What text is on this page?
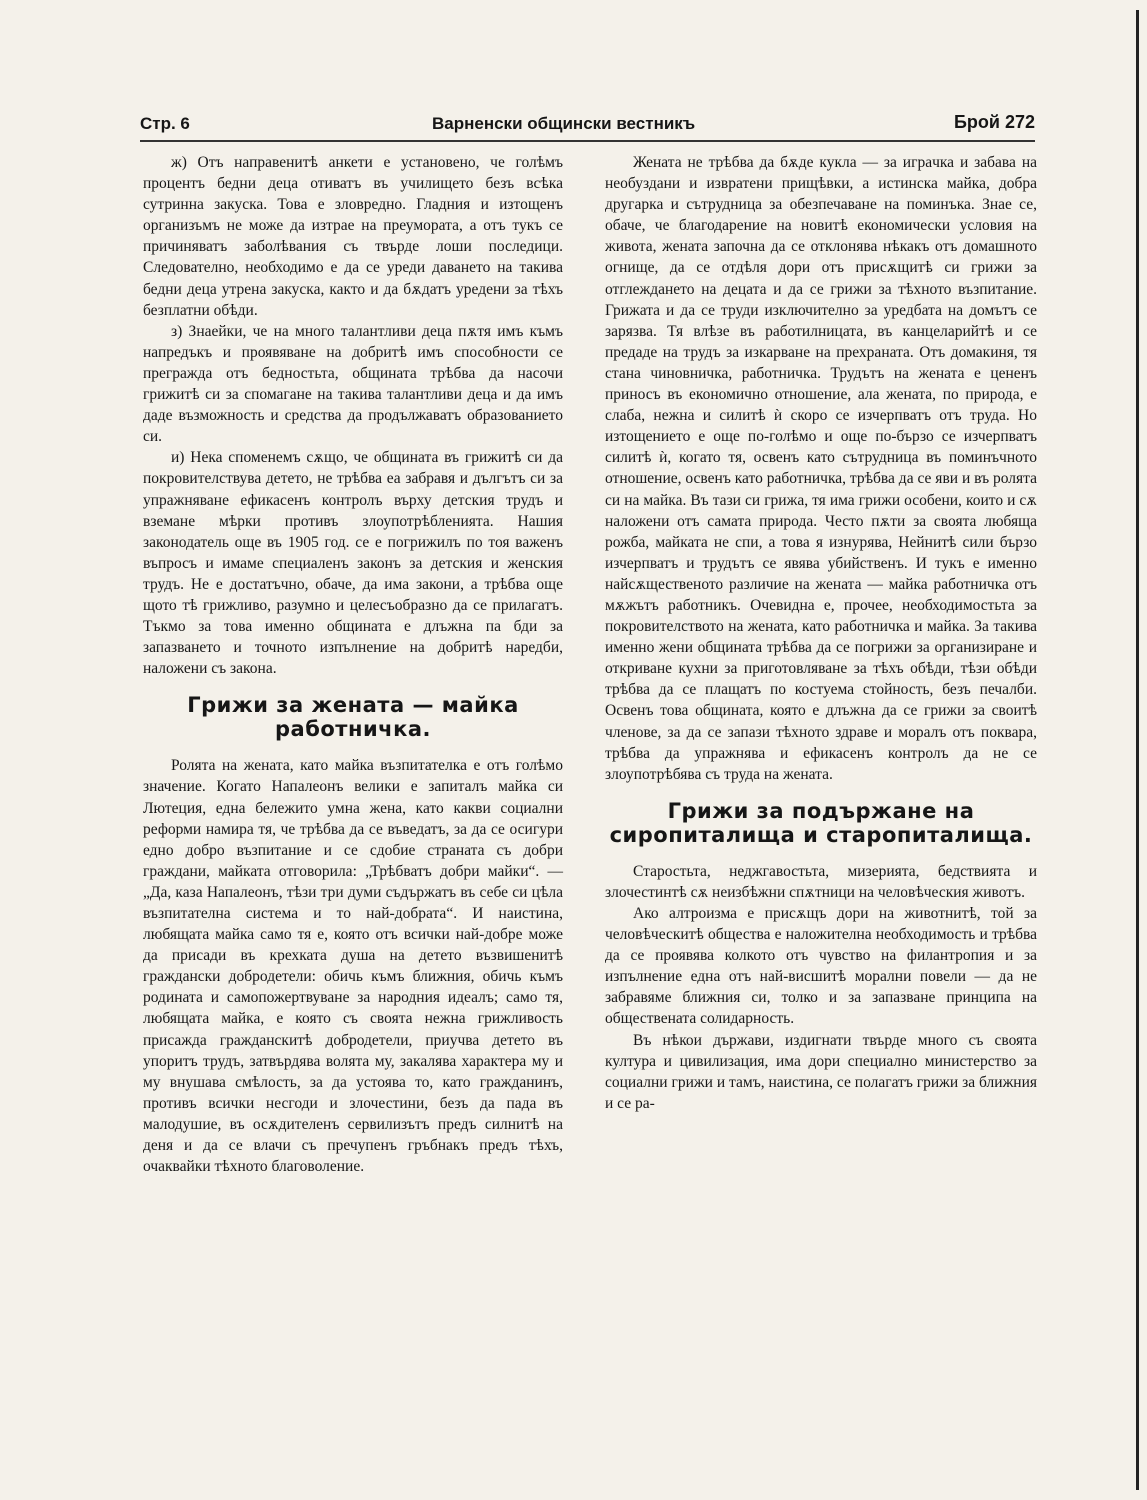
Стр. 6	Варненски общински вестникъ	Брой 272

ж) Отъ направенитѣ анкети е установено, че голѣмъ процентъ бедни деца отиватъ въ училището безъ всѣка сутринна закуска. Това е зловредно. Гладния и изтощенъ организъмъ не може да изтрае на преумората, а отъ тукъ се причиняватъ заболѣвания съ твърде лоши последици. Следователно, необходимо е да се уреди даването на такива бедни деца утрена закуска, както и да бѫдатъ уредени за тѣхъ безплатни обѣди.

з) Знаейки, че на много талантливи деца пѫтя имъ къмъ напредъкъ и проявяване на добритѣ имъ способности се прегражда отъ бедностьта, общината трѣбва да насочи грижитѣ си за спомагане на такива талантливи деца и да имъ даде възможность и средства да продължаватъ образованието си.

и) Нека споменемъ сѫщо, че общината въ грижитѣ си да покровителствува детето, не трѣбва еа забравя и дългътъ си за упражняване ефикасенъ контролъ върху детския трудъ и вземане мѣрки противъ злоупотрѣбленията. Нашия законодатель още въ 1905 год. се е погрижилъ по тоя важенъ въпросъ и имаме специаленъ законъ за детския и женския трудъ. Не е достатъчно, обаче, да има закони, а трѣбва още щото тѣ грижливо, разумно и целесъобразно да се прилагатъ. Тъкмо за това именно общината е длъжна па бди за запазването и точното изпълнение на добритѣ наредби, наложени съ закона.

Грижи за жената — майка работничка.

Ролята на жената, като майка възпитателка е отъ голѣмо значение. Когато Напалеонъ велики е запиталъ майка си Лютеция, една бележито умна жена, като какви социални реформи намира тя, че трѣбва да се въведатъ, за да се осигури едно добро възпитание и се сдобие страната съ добри граждани, майката отговорила: „Трѣбватъ добри майки“. — „Да, каза Напалеонъ, тѣзи три думи съдържатъ въ себе си цѣла възпитателна система и то най-добрата“. И наистина, любящата майка само тя е, която отъ всички най-добре може да присади въ крехката душа на детето възвишенитѣ граждански добродетели: обичь къмъ ближния, обичь къмъ родината и самопожертвуване за народния идеалъ; само тя, любящата майка, е която съ своята нежна грижливость присажда гражданскитѣ добродетели, приучва детето въ упоритъ трудъ, затвърдява волята му, закалява характера му и му внушава смѣлость, за да устоява то, като гражданинъ, противъ всички несгоди и злочестини, безъ да пада въ малодушие, въ осѫдителенъ сервилизътъ предъ силнитѣ на деня и да се влачи съ пречупенъ гръбнакъ предъ тѣхъ, очаквайки тѣхното благоволение.

Жената не трѣбва да бѫде кукла — за игрaчка и забава на необуздани и извратени прищѣвки, а истинска майка, добра другарка и сътрудница за обезпечаване на поминъка. Знае се, обаче, че благодарение на новитѣ економически условия на живота, жената започна да се отклонява нѣкакъ отъ домашното огнище, да се отдѣля дори отъ присѫщитѣ си грижи за отглеждането на децата и да се грижи за тѣхното възпитание. Грижата и да се труди изключително за уредбата на домътъ се зарязва. Тя влѣзе въ работилницата, въ канцеларийтѣ и се предаде на трудъ за изкарване на прехраната. Отъ домакиня, тя стана чиновничка, работничка. Трудътъ на жената е цененъ приносъ въ економично отношение, ала жената, по природа, е слаба, нежна и силитѣ ѝ скоро се изчерпватъ отъ труда. Но изтощението е още по-голѣмо и още по-бързо се изчерпватъ силитѣ ѝ, когато тя, освенъ като сътрудница въ поминъчното отношение, освенъ като работничка, трѣбва да се яви и въ ролята си на майка. Въ тази си грижа, тя има грижи особени, които и сѫ наложени отъ самата природа. Често пѫти за своята любяща рожба, майката не спи, а това я изнурява, Нейнитѣ сили бързо изчерпватъ и трудътъ се явява убийственъ. И тукъ е именно найсѫщественото различие на жената — майка работничка отъ мѫжътъ работникъ. Очевидна е, прочее, необходимостьта за покровителството на жената, като работничка и майка. За такива именно жени общината трѣбва да се погрижи за организиране и откриване кухни за приготовляване за тѣхъ обѣди, тѣзи обѣди трѣбва да се плащатъ по костуема стойность, безъ печалби. Освенъ това общината, която е длъжна да се грижи за своитѣ членове, за да се запази тѣхното здраве и моралъ отъ покварa, трѣбва да упражнява и ефикасенъ контролъ да не се злоупотрѣбява съ труда на жената.

Грижи за подържане на сиропиталища и старопиталища.

Старостьта, неджгавостьта, мизерията, бедствията и злочестинтѣ сѫ неизбѣжни спѫтници на человѣческия животъ.

Ако алтроизма е присѫщъ дори на животнитѣ, той за человѣческитѣ общества е наложителна необходимость и трѣбва да се проявява колкото отъ чувство на филантропия и за изпълнение една отъ най-висшитѣ морални повели — да не забравяме ближния си, толко и за запазване принципа на обществената солидарность.

Въ нѣкои държави, издигнати твърде много съ своята култура и цивилизация, има дори специално министерство за социални грижи и тамъ, наистина, се полагатъ грижи за ближния и се ра-
